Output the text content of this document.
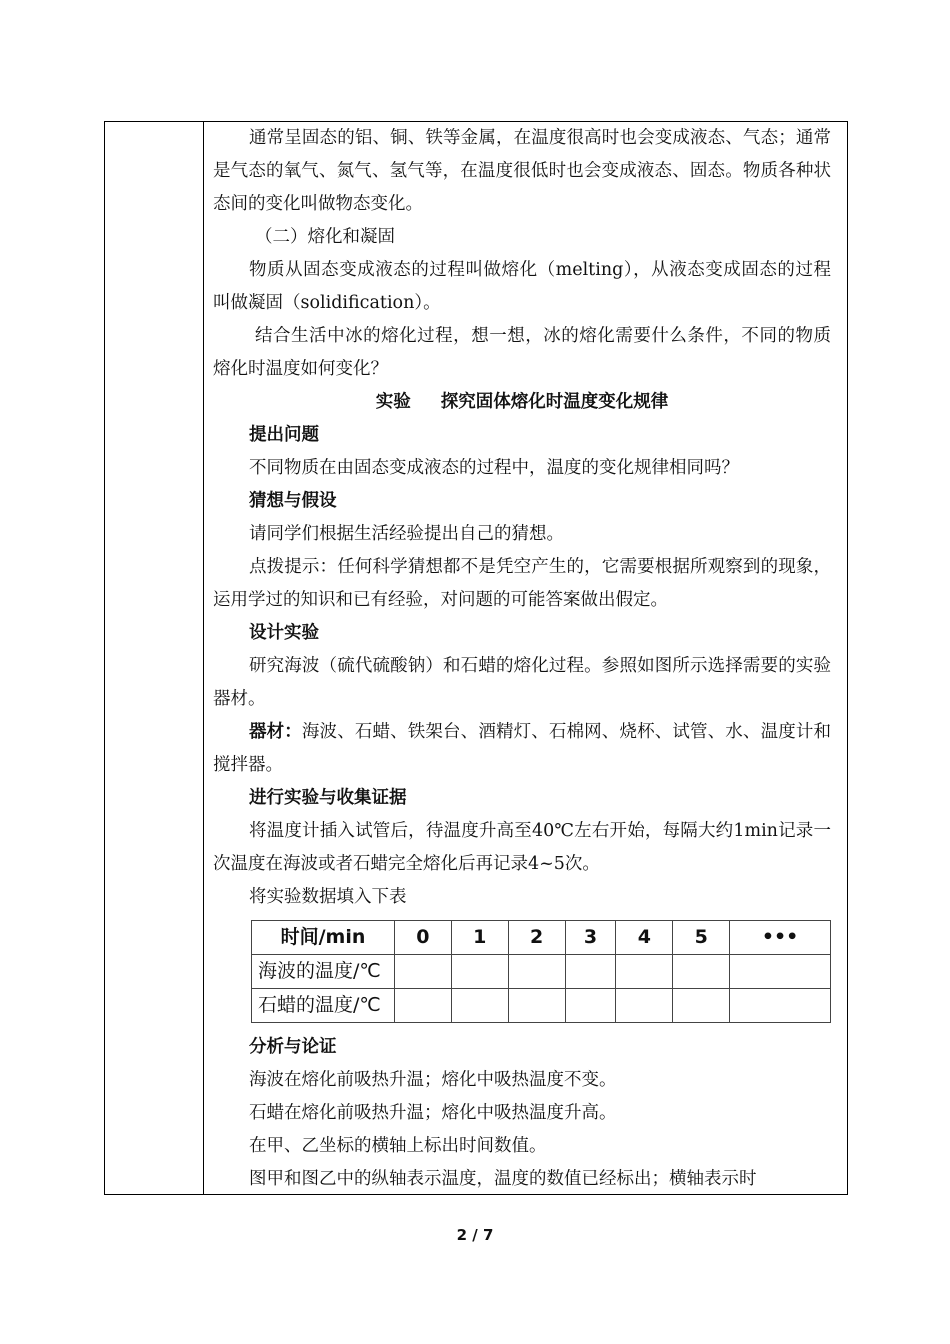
通常呈固态的铝、铜、铁等金属，在温度很高时也会变成液态、气态；通常是气态的氧气、氮气、氢气等，在温度很低时也会变成液态、固态。物质各种状态间的变化叫做物态变化。

（二）熔化和凝固

物质从固态变成液态的过程叫做熔化（melting），从液态变成固态的过程叫做凝固（solidification）。

结合生活中冰的熔化过程，想一想，冰的熔化需要什么条件，不同的物质熔化时温度如何变化？

实验 探究固体熔化时温度变化规律

提出问题

不同物质在由固态变成液态的过程中，温度的变化规律相同吗？

猜想与假设

请同学们根据生活经验提出自己的猜想。

点拨提示：任何科学猜想都不是凭空产生的，它需要根据所观察到的现象，运用学过的知识和已有经验，对问题的可能答案做出假定。

设计实验

研究海波（硫代硫酸钠）和石蜡的熔化过程。参照如图所示选择需要的实验器材。

器材：海波、石蜡、铁架台、酒精灯、石棉网、烧杯、试管、水、温度计和搅拌器。

进行实验与收集证据

将温度计插入试管后，待温度升高至40℃左右开始，每隔大约1min记录一次温度在海波或者石蜡完全熔化后再记录4~5次。

将实验数据填入下表

时间/min	0	1	2	3	4	5	•••
海波的温度/℃							
石蜡的温度/℃							

分析与论证

海波在熔化前吸热升温；熔化中吸热温度不变。

石蜡在熔化前吸热升温；熔化中吸热温度升高。

在甲、乙坐标的横轴上标出时间数值。

图甲和图乙中的纵轴表示温度，温度的数值已经标出；横轴表示时

2 / 7
